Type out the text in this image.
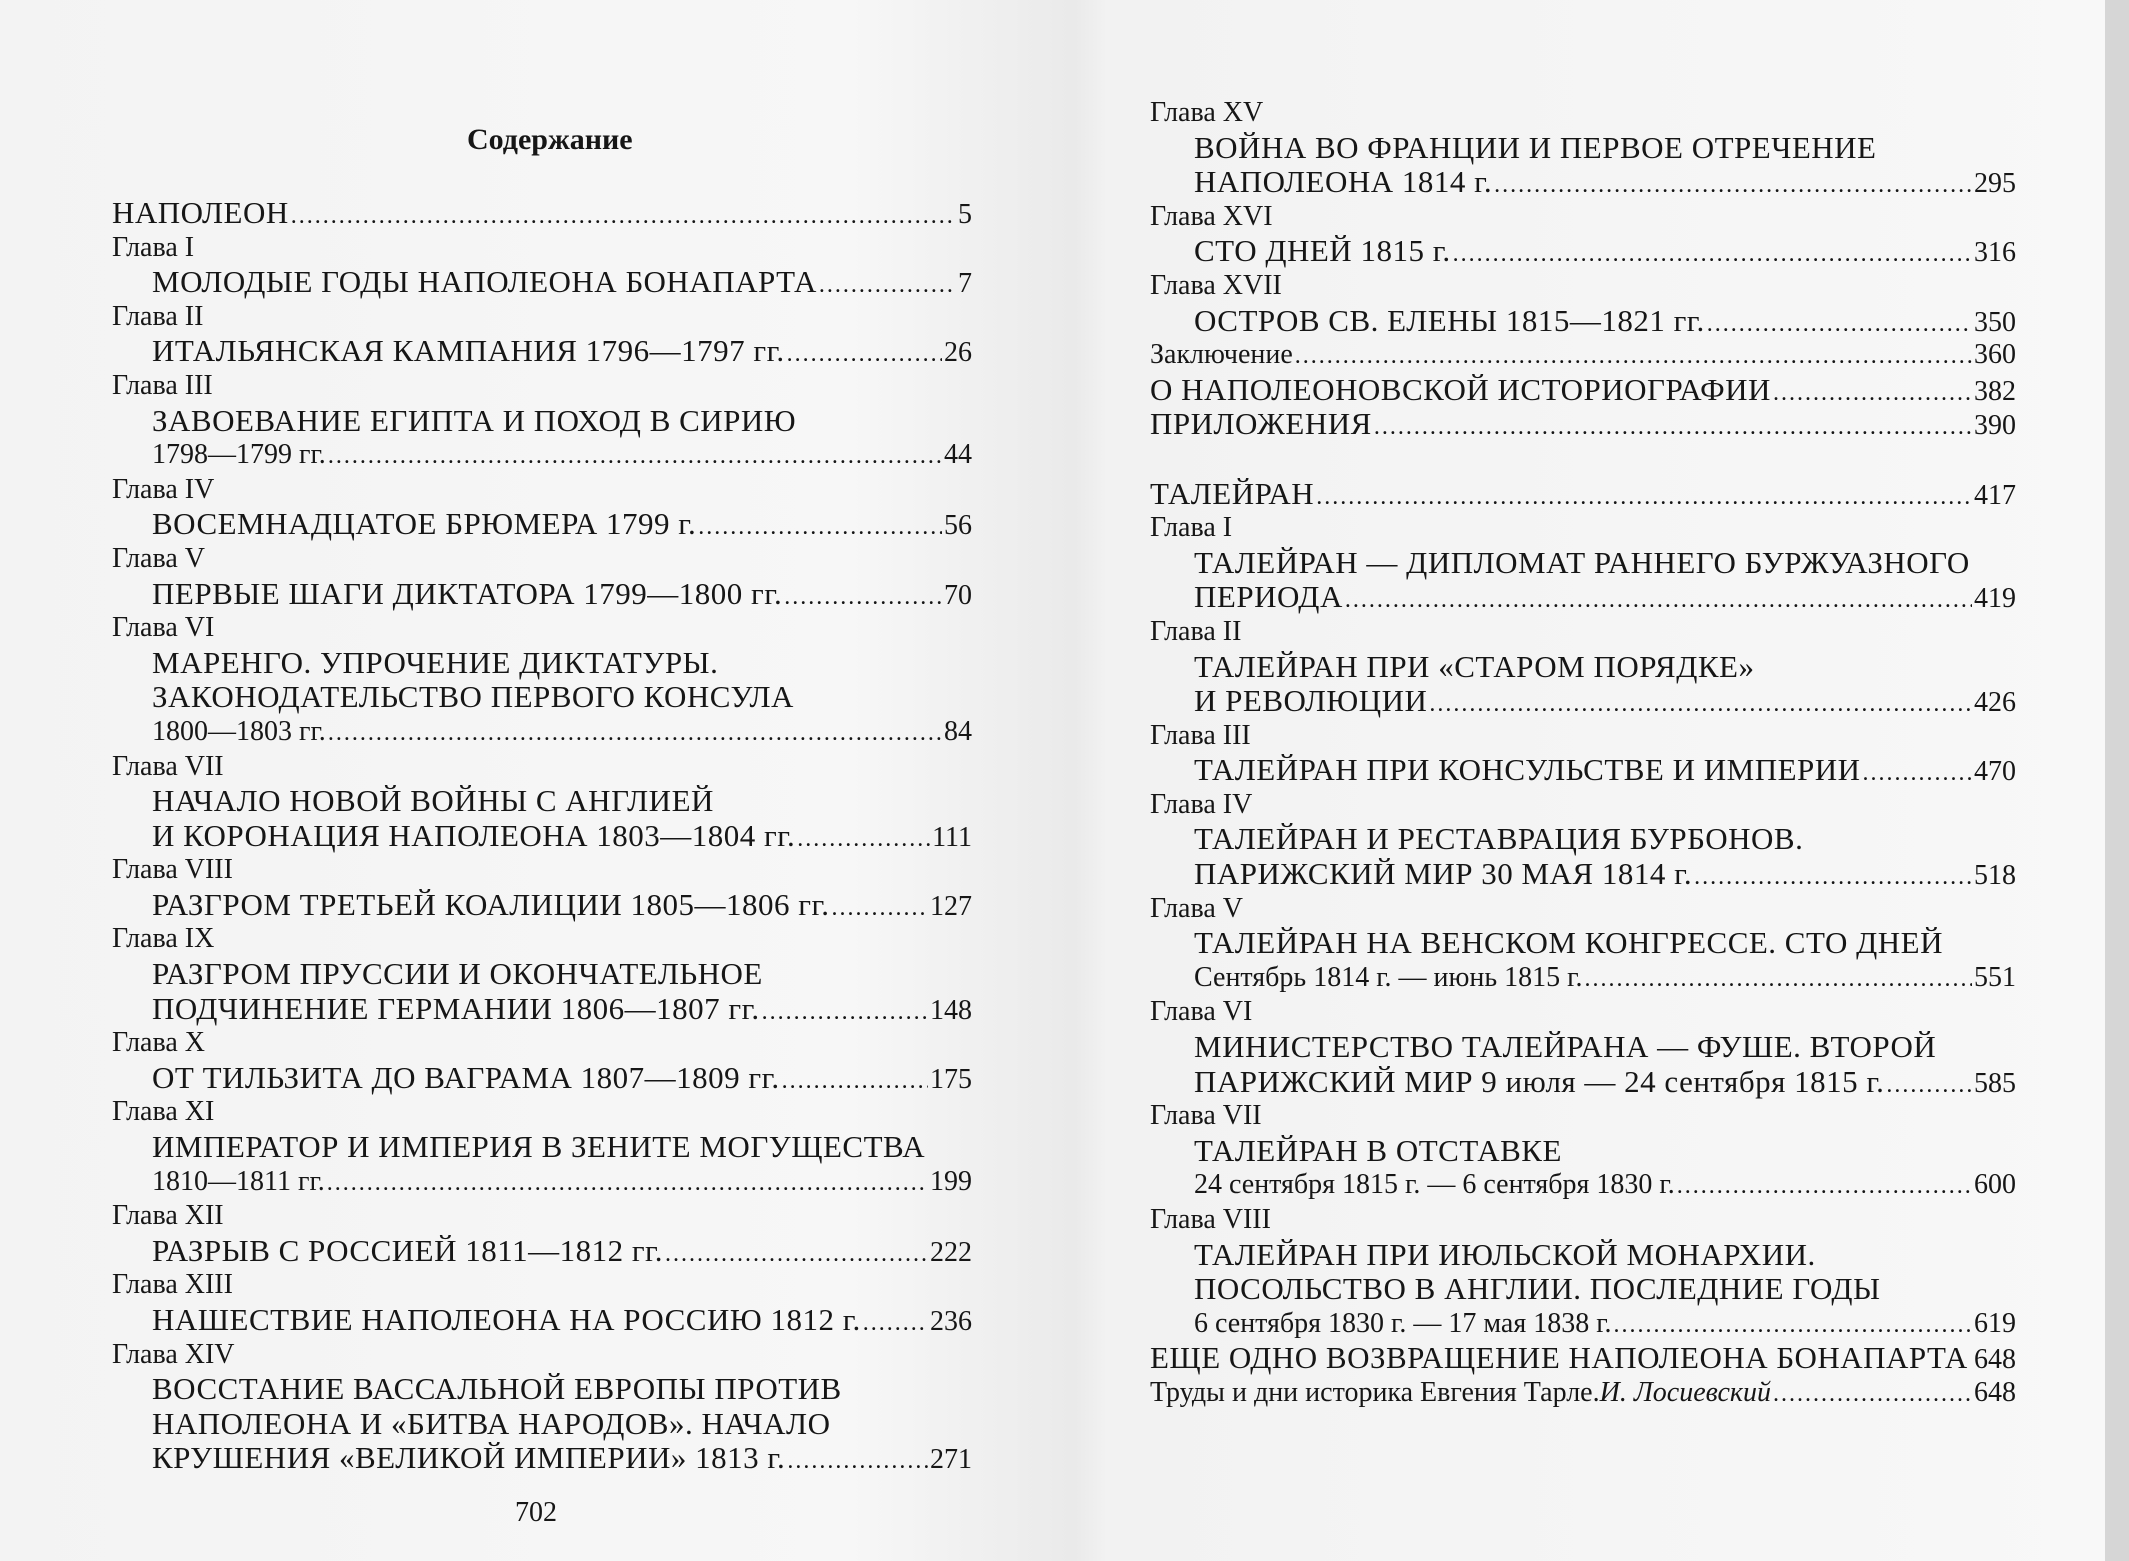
Содержание
НАПОЛЕОН . . .	5
Глава I
МОЛОДЫЕ ГОДЫ НАПОЛЕОНА БОНАПАРТА . . .	7
Глава II
ИТАЛЬЯНСКАЯ КАМПАНИЯ 1796—1797 гг. . . .	26
Глава III
ЗАВОЕВАНИЕ ЕГИПТА И ПОХОД В СИРИЮ
1798—1799 гг. . . .	44
Глава IV
ВОСЕМНАДЦАТОЕ БРЮМЕРА 1799 г. . . .	56
Глава V
ПЕРВЫЕ ШАГИ ДИКТАТОРА 1799—1800 гг. . . .	70
Глава VI
МАРЕНГО. УПРОЧЕНИЕ ДИКТАТУРЫ.
ЗАКОНОДАТЕЛЬСТВО ПЕРВОГО КОНСУЛА
1800—1803 гг. . . .	84
Глава VII
НАЧАЛО НОВОЙ ВОЙНЫ С АНГЛИЕЙ
И КОРОНАЦИЯ НАПОЛЕОНА 1803—1804 гг. . . .	111
Глава VIII
РАЗГРОМ ТРЕТЬЕЙ КОАЛИЦИИ 1805—1806 гг. . . .	127
Глава IX
РАЗГРОМ ПРУССИИ И ОКОНЧАТЕЛЬНОЕ
ПОДЧИНЕНИЕ ГЕРМАНИИ 1806—1807 гг. . . .	148
Глава X
ОТ ТИЛЬЗИТА ДО ВАГРАМА 1807—1809 гг. . . .	175
Глава XI
ИМПЕРАТОР И ИМПЕРИЯ В ЗЕНИТЕ МОГУЩЕСТВА
1810—1811 гг. . . .	199
Глава XII
РАЗРЫВ С РОССИЕЙ 1811—1812 гг. . . .	222
Глава XIII
НАШЕСТВИЕ НАПОЛЕОНА НА РОССИЮ 1812 г. . . . 236
Глава XIV
ВОССТАНИЕ ВАССАЛЬНОЙ ЕВРОПЫ ПРОТИВ
НАПОЛЕОНА И «БИТВА НАРОДОВ». НАЧАЛО
КРУШЕНИЯ «ВЕЛИКОЙ ИМПЕРИИ» 1813 г. . . .	271
702
Глава XV
ВОЙНА ВО ФРАНЦИИ И ПЕРВОЕ ОТРЕЧЕНИЕ
НАПОЛЕОНА 1814 г. . . .	295
Глава XVI
СТО ДНЕЙ 1815 г. . . .	316
Глава XVII
ОСТРОВ СВ. ЕЛЕНЫ 1815—1821 гг. . . .	350
Заключение . . .	360
О НАПОЛЕОНОВСКОЙ ИСТОРИОГРАФИИ . . .	382
ПРИЛОЖЕНИЯ . . .	390
ТАЛЕЙРАН . . .	417
Глава I
ТАЛЕЙРАН — ДИПЛОМАТ РАННЕГО БУРЖУАЗНОГО
ПЕРИОДА . . .	419
Глава II
ТАЛЕЙРАН ПРИ «СТАРОМ ПОРЯДКЕ»
И РЕВОЛЮЦИИ . . .	426
Глава III
ТАЛЕЙРАН ПРИ КОНСУЛЬСТВЕ И ИМПЕРИИ . . .	470
Глава IV
ТАЛЕЙРАН И РЕСТАВРАЦИЯ БУРБОНОВ.
ПАРИЖСКИЙ МИР 30 МАЯ 1814 г. . . .	518
Глава V
ТАЛЕЙРАН НА ВЕНСКОМ КОНГРЕССЕ. СТО ДНЕЙ
Сентябрь 1814 г. — июнь 1815 г. . . .	551
Глава VI
МИНИСТЕРСТВО ТАЛЕЙРАНА — ФУШЕ. ВТОРОЙ
ПАРИЖСКИЙ МИР 9 июля — 24 сентября 1815 г. . . .	585
Глава VII
ТАЛЕЙРАН В ОТСТАВКЕ
24 сентября 1815 г. — 6 сентября 1830 г. . . .	600
Глава VIII
ТАЛЕЙРАН ПРИ ИЮЛЬСКОЙ МОНАРХИИ.
ПОСОЛЬСТВО В АНГЛИИ. ПОСЛЕДНИЕ ГОДЫ
6 сентября 1830 г. — 17 мая 1838 г. . . .	619
ЕЩЕ ОДНО ВОЗВРАЩЕНИЕ НАПОЛЕОНА БОНАПАРТА 648
Труды и дни историка Евгения Тарле. И. Лосиевский . . .	648
